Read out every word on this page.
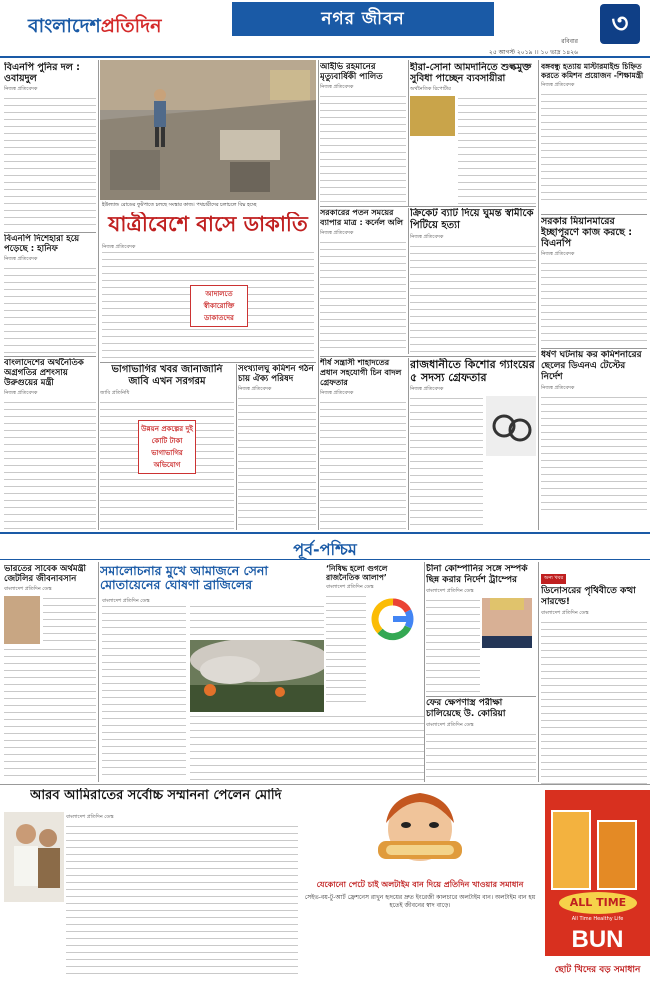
বাংলাদেশপ্রতিদিন	নগর জীবন
রবিবার
২৫ আগস্ট ২০১৯ ।। ১০ ভাদ্র ১৪২৬
৩
বিএনপি পুনির দল : ওবায়দুল
নিজস্ব প্রতিবেদক
বিএনপি দিশেহারা হয়ে পড়েছে : হানিফ
নিজস্ব প্রতিবেদক
বাংলাদেশের অর্থনৈতিক অগ্রগতির প্রশংসায় উরুগুয়ের মন্ত্রী
নিজস্ব প্রতিবেদক
ইউল্যান্ড রোডের ফুটপাতে চলছে সংস্কার কাজ। পথচারীদের চলাচলে বিঘ্ন হচ্ছে
যাত্রীবেশে বাসে ডাকাতি
নিজস্ব প্রতিবেদক
আদালতে স্বীকারোক্তি ডাকাতদের
ভাগাভাগির খবর জানাজানি জাবি এখন সরগরম
জাবি প্রতিনিধি
উন্নয়ন প্রকল্পের দুই কোটি টাকা ভাগাভাগির অভিযোগ
সংখ্যালঘু কমিশন গঠন চায় ঐক্য পরিষদ
নিজস্ব প্রতিবেদক
আইভি রহমানের মৃত্যুবার্ষিকী পালিত
নিজস্ব প্রতিবেদক
হীরা-সোনা আমদানিতে শুল্কমুক্ত সুবিধা পাচ্ছেন ব্যবসায়ীরা
অর্থনৈতিক রিপোর্টার
সরকারের পতন সময়ের ব্যাপার মাত্র : কর্নেল অলি
নিজস্ব প্রতিবেদক
ক্রিকেট ব্যাট দিয়ে ঘুমন্ত স্বামীকে পিটিয়ে হত্যা
নিজস্ব প্রতিবেদক
শীর্ষ সন্ত্রাসী শাহাদতের প্রধান সহযোগী চিন বাদল গ্রেফতার
নিজস্ব প্রতিবেদক
রাজধানীতে কিশোর গ্যাংয়ের ৫ সদস্য গ্রেফতার
নিজস্ব প্রতিবেদক
বঙ্গবন্ধু হত্যায় মাস্টারমাইন্ড চিহ্নিত করতে কমিশন প্রয়োজন -শিক্ষামন্ত্রী
নিজস্ব প্রতিবেদক
সরকার মিয়ানমারের ইচ্ছাপূরণে কাজ করছে : বিএনপি
নিজস্ব প্রতিবেদক
ধর্ষণ ঘটনায় কর কমিশনারের ছেলের ডিএনএ টেস্টের নির্দেশ
নিজস্ব প্রতিবেদক
পূর্ব-পশ্চিম
ভারতের সাবেক অর্থমন্ত্রী জেটলির জীবনাবসান
বাংলাদেশ প্রতিদিন ডেস্ক
সমালোচনার মুখে আমাজনে সেনা মোতায়েনের ঘোষণা ব্রাজিলের
বাংলাদেশ প্রতিদিন ডেস্ক
‘নিষিদ্ধ হলো গুগলে রাজনৈতিক আলাপ’
বাংলাদেশ প্রতিদিন ডেস্ক
চীনা কোম্পানির সঙ্গে সম্পর্ক ছিন্ন করার নির্দেশ ট্রাম্পের
বাংলাদেশ প্রতিদিন ডেস্ক
ফের ক্ষেপণাস্ত্র পরীক্ষা চালিয়েছে উ. কোরিয়া
বাংলাদেশ প্রতিদিন ডেস্ক
অন্য খবর
ডিনোসরের পৃথিবীতে কত্থা সারল্ডে!
বাংলাদেশ প্রতিদিন ডেস্ক
আরব আমিরাতের সর্বোচ্চ সম্মাননা পেলেন মোদি
বাংলাদেশ প্রতিদিন ডেস্ক
যেকোনো পেটে চাই অলটাইম বান দিয়ে প্রতিদিন খাওয়ার সমাধান
সেইভ-বয়-টু-আর্ট ফ্রেশনেস রাখুন হৃদয়ের দ্রুত ইংরেজী কালচারে অলটাইম বান। অলটাইম বান হয় হতেই জীবনের স্বাদ বাড়ে।	ALL TIME
All Time Healthy Life
BUN
ছোট খিদের বড় সমাধান
